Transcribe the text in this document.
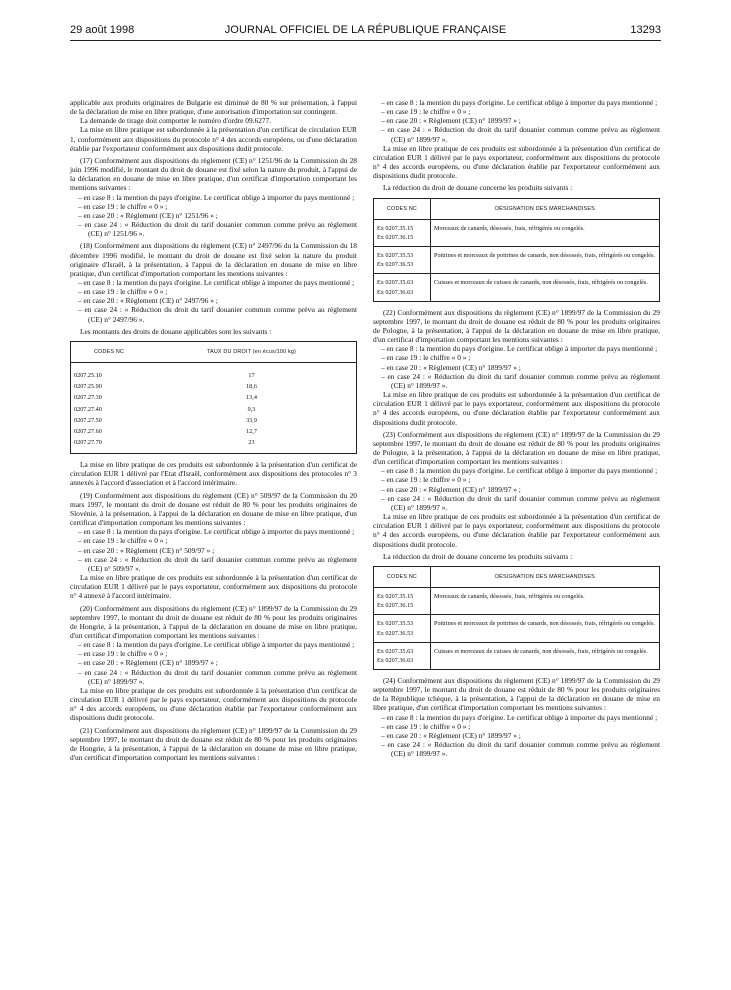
29 août 1998	JOURNAL OFFICIEL DE LA RÉPUBLIQUE FRANÇAISE	13293

applicable aux produits originaires de Bulgarie est diminué de 80 % sur présentation, à l'appui de la déclaration de mise en libre pratique, d'une autorisation d'importation sur contingent.

La demande de tirage doit comporter le numéro d'ordre 09.6277.

La mise en libre pratique est subordonnée à la présentation d'un certificat de circulation EUR 1, conformément aux dispositions du protocole n° 4 des accords européens, ou d'une déclaration établie par l'exportateur conformément aux dispositions dudit protocole.

(17) Conformément aux dispositions du règlement (CE) n° 1251/96 de la Commission du 28 juin 1996 modifié, le montant du droit de douane est fixé selon la nature du produit, à l'appui de la déclaration en douane de mise en libre pratique, d'un certificat d'importation comportant les mentions suivantes :

– en case 8 : la mention du pays d'origine. Le certificat oblige à importer du pays mentionné ;

– en case 19 : le chiffre « 0 » ;

– en case 20 : « Règlement (CE) n° 1251/96 » ;

– en case 24 : « Réduction du droit du tarif douanier commun comme prévu au règlement (CE) n° 1251/96 ».

(18) Conformément aux dispositions du règlement (CE) n° 2497/96 du la Commission du 18 décembre 1996 modifié, le montant du droit de douane est fixé selon la nature du produit originaire d'Israël, à la présentation, à l'appui de la déclaration en douane de mise en libre pratique, d'un certificat d'importation comportant les mentions suivantes :

– en case 8 : la mention du pays d'origine. Le certificat oblige à importer du pays mentionné ;

– en case 19 : le chiffre « 0 » ;

– en case 20 : « Règlement (CE) n° 2497/96 » ;

– en case 24 : « Réduction du droit du tarif douanier commun comme prévu au règlement (CE) n° 2497/96 ».

Les montants des droits de douane applicables sont les suivants :

CODES NC	TAUX DU DROIT (en écus/100 kg)
0207.25.10	17
0207.25.90	18,6
0207.27.30	13,4
0207.27.40	9,3
0207.27.50	33,9
0207.27.60	12,7
0207.27.70	23

La mise en libre pratique de ces produits est subordonnée à la présentation d'un certificat de circulation EUR 1 délivré par l'Etat d'Israël, conformément aux dispositions des protocoles n° 3 annexés à l'accord d'association et à l'accord intérimaire.

(19) Conformément aux dispositions du règlement (CE) n° 509/97 de la Commission du 20 mars 1997, le montant du droit de douane est réduit de 80 % pour les produits originaires de Slovénie, à la présentation, à l'appui de la déclaration en douane de mise en libre pratique, d'un certificat d'importation comportant les mentions suivantes :

– en case 8 : la mention du pays d'origine. Le certificat oblige à importer du pays mentionné ;

– en case 19 : le chiffre « 0 » ;

– en case 20 : « Règlement (CE) n° 509/97 » ;

– en case 24 : « Réduction du droit du tarif douanier commun comme prévu au règlement (CE) n° 509/97 ».

La mise en libre pratique de ces produits est subordonnée à la présentation d'un certificat de circulation EUR 1 délivré par le pays exportateur, conformément aux dispositions du protocole n° 4 annexé à l'accord intérimaire.

(20) Conformément aux dispositions du règlement (CE) n° 1899/97 de la Commission du 29 septembre 1997, le montant du droit de douane est réduit de 80 % pour les produits originaires de Hongrie, à la présentation, à l'appui de la déclaration en douane de mise en libre pratique, d'un certificat d'importation comportant les mentions suivantes :

– en case 8 : la mention du pays d'origine. Le certificat oblige à importer du pays mentionné ;

– en case 19 : le chiffre « 0 » ;

– en case 20 : « Règlement (CE) n° 1899/97 » ;

– en case 24 : « Réduction du droit du tarif douanier commun comme prévu au règlement (CE) n° 1899/97 ».

La mise en libre pratique de ces produits est subordonnée à la présentation d'un certificat de circulation EUR 1 délivré par le pays exportateur, conformément aux dispositions du protocole n° 4 des accords européens, ou d'une déclaration établie par l'exportateur conformément aux dispositions dudit protocole.

(21) Conformément aux dispositions du règlement (CE) n° 1899/97 de la Commission du 29 septembre 1997, le montant du droit de douane est réduit de 80 % pour les produits originaires de Hongrie, à la présentation, à l'appui de la déclaration en douane de mise en libre pratique, d'un certificat d'importation comportant les mentions suivantes :

– en case 8 : la mention du pays d'origine. Le certificat oblige à importer du pays mentionné ;

– en case 19 : le chiffre « 0 » ;

– en case 20 : « Règlement (CE) n° 1899/97 » ;

– en case 24 : « Réduction du droit du tarif douanier commun comme prévu au règlement (CE) n° 1899/97 ».

La mise en libre pratique de ces produits est subordonnée à la présentation d'un certificat de circulation EUR 1 délivré par le pays exportateur, conformément aux dispositions du protocole n° 4 des accords européens, ou d'une déclaration établie par l'exportateur conformément aux dispositions dudit protocole.

La réduction du droit de douane concerne les produits suivants :

CODES NC	DÉSIGNATION DES MARCHANDISES
Ex 0207.35.15
Ex 0207.36.15	Morceaux de canards, désossés, frais, réfrigérés ou congelés.
Ex 0207.35.53
Ex 0207.36.53	Poitrines et morceaux de poitrines de canards, non désossés, frais, réfrigérés ou congelés.
Ex 0207.35.63
Ex 0207.36.63	Cuisses et morceaux de cuisses de canards, non désossés, frais, réfrigérés ou congelés.

(22) Conformément aux dispositions du règlement (CE) n° 1899/97 de la Commission du 29 septembre 1997, le montant du droit de douane est réduit de 80 % pour les produits originaires de Pologne, à la présentation, à l'appui de la déclaration en douane de mise en libre pratique, d'un certificat d'importation comportant les mentions suivantes :

– en case 8 : la mention du pays d'origine. Le certificat oblige à importer du pays mentionné ;

– en case 19 : le chiffre « 0 » ;

– en case 20 : « Règlement (CE) n° 1899/97 » ;

– en case 24 : « Réduction du droit du tarif douanier commun comme prévu au règlement (CE) n° 1899/97 ».

La mise en libre pratique de ces produits est subordonnée à la présentation d'un certificat de circulation EUR 1 délivré par le pays exportateur, conformément aux dispositions du protocole n° 4 des accords européens, ou d'une déclaration établie par l'exportateur conformément aux dispositions dudit protocole.

(23) Conformément aux dispositions du règlement (CE) n° 1899/97 de la Commission du 29 septembre 1997, le montant du droit de douane est réduit de 80 % pour les produits originaires de Pologne, à la présentation, à l'appui de la déclaration en douane de mise en libre pratique, d'un certificat d'importation comportant les mentions suivantes :

– en case 8 : la mention du pays d'origine. Le certificat oblige à importer du pays mentionné ;

– en case 19 : le chiffre « 0 » ;

– en case 20 : « Règlement (CE) n° 1899/97 » ;

– en case 24 : « Réduction du droit du tarif douanier commun comme prévu au règlement (CE) n° 1899/97 ».

La mise en libre pratique de ces produits est subordonnée à la présentation d'un certificat de circulation EUR 1 délivré par le pays exportateur, conformément aux dispositions du protocole n° 4 des accords européens, ou d'une déclaration établie par l'exportateur conformément aux dispositions dudit protocole.

La réduction du droit de douane concerne les produits suivants :

CODES NC	DÉSIGNATION DES MARCHANDISES
Ex 0207.35.15
Ex 0207.36.15	Morceaux de canards, désossés, frais, réfrigérés ou congelés.
Ex 0207.35.53
Ex 0207.36.53	Poitrines et morceaux de poitrines de canards, non désossés, frais, réfrigérés ou congelés.
Ex 0207.35.63
Ex 0207.36.63	Cuisses et morceaux de cuisses de canards, non désossés, frais, réfrigérés ou congelés.

(24) Conformément aux dispositions du règlement (CE) n° 1899/97 de la Commission du 29 septembre 1997, le montant du droit de douane est réduit de 80 % pour les produits originaires de la République tchèque, à la présentation, à l'appui de la déclaration en douane de mise en libre pratique, d'un certificat d'importation comportant les mentions suivantes :

– en case 8 : la mention du pays d'origine. Le certificat oblige à importer du pays mentionné ;

– en case 19 : le chiffre « 0 » ;

– en case 20 : « Règlement (CE) n° 1899/97 » ;

– en case 24 : « Réduction du droit du tarif douanier commun comme prévu au règlement (CE) n° 1899/97 ».
